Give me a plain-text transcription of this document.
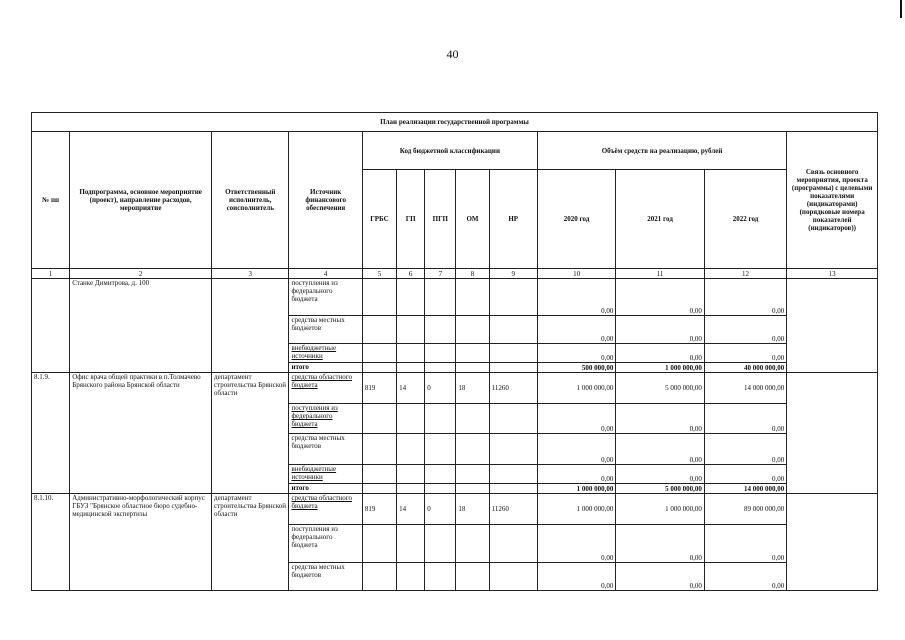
40
План реализации государственной программы												
№ пп	Подпрограмма, основное мероприятие (проект), направление расходов, мероприятие	Ответственный исполнитель, соисполнитель	Источник финансового обеспечения	Код бюджетной классификации					Объём средств на реализацию, рублей			Связь основного мероприятия, проекта (программы) с целевыми показателями (индикаторами) (порядковые номера показателей (индикаторов))
				ГРБС	ГП	ПГП	ОМ	НР	2020 год	2021 год	2022 год	
1	2	3	4	5	6	7	8	9	10	11	12	13
	Станке Димитрова, д. 100		поступления из федерального бюджета						0,00	0,00	0,00	
			средства местных бюджетов						0,00	0,00	0,00	
			внебюджетные источники						0,00	0,00	0,00	
			итого						500 000,00	1 000 000,00	40 000 000,00	
8.1.9.	Офис врача общей практики в п.Толмачево Брянского района Брянской области	департамент строительства Брянской области	средства областного бюджета	819	14	0	18	11260	1 000 000,00	5 000 000,00	14 000 000,00	
			поступления из федерального бюджета						0,00	0,00	0,00	
			средства местных бюджетов						0,00	0,00	0,00	
			внебюджетные источники						0,00	0,00	0,00	
			итого						1 000 000,00	5 000 000,00	14 000 000,00	
8.1.10.	Административно-морфологический корпус ГБУЗ "Брянское областное бюро судебно-медицинской экспертизы	департамент строительства Брянской области	средства областного бюджета	819	14	0	18	11260	1 000 000,00	1 000 000,00	89 000 000,00	
			поступления из федерального бюджета						0,00	0,00	0,00	
			средства местных бюджетов						0,00	0,00	0,00	
